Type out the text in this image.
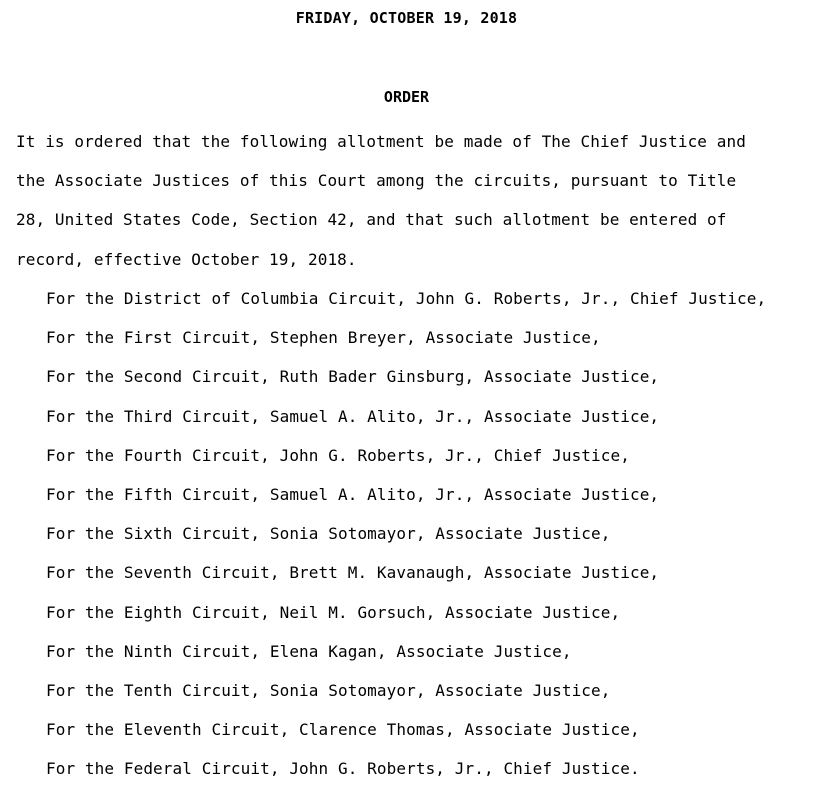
FRIDAY, OCTOBER 19, 2018
ORDER

It is ordered that the following allotment be made of The Chief Justice and
the Associate Justices of this Court among the circuits, pursuant to Title
28, United States Code, Section 42, and that such allotment be entered of
record, effective October 19, 2018.

For the District of Columbia Circuit, John G. Roberts, Jr., Chief Justice,
For the First Circuit, Stephen Breyer, Associate Justice,
For the Second Circuit, Ruth Bader Ginsburg, Associate Justice,
For the Third Circuit, Samuel A. Alito, Jr., Associate Justice,
For the Fourth Circuit, John G. Roberts, Jr., Chief Justice,
For the Fifth Circuit, Samuel A. Alito, Jr., Associate Justice,
For the Sixth Circuit, Sonia Sotomayor, Associate Justice,
For the Seventh Circuit, Brett M. Kavanaugh, Associate Justice,
For the Eighth Circuit, Neil M. Gorsuch, Associate Justice,
For the Ninth Circuit, Elena Kagan, Associate Justice,
For the Tenth Circuit, Sonia Sotomayor, Associate Justice,
For the Eleventh Circuit, Clarence Thomas, Associate Justice,
For the Federal Circuit, John G. Roberts, Jr., Chief Justice.
